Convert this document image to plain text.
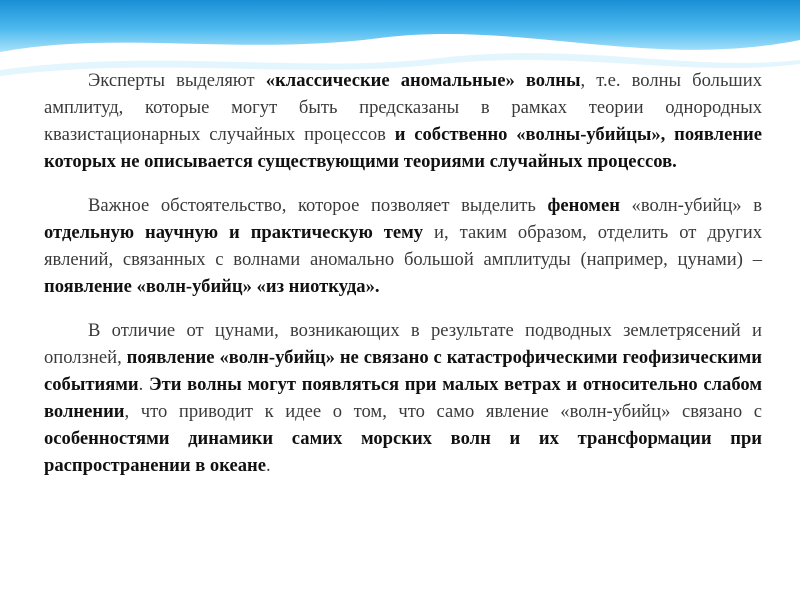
Эксперты выделяют «классические аномальные» волны, т.е. волны больших амплитуд, которые могут быть предсказаны в рамках теории однородных квазистационарных случайных процессов и собственно «волны-убийцы», появление которых не описывается существующими теориями случайных процессов.

Важное обстоятельство, которое позволяет выделить феномен «волн-убийц» в отдельную научную и практическую тему и, таким образом, отделить от других явлений, связанных с волнами аномально большой амплитуды (например, цунами) – появление «волн-убийц» «из ниоткуда».

В отличие от цунами, возникающих в результате подводных землетрясений и оползней, появление «волн-убийц» не связано с катастрофическими геофизическими событиями. Эти волны могут появляться при малых ветрах и относительно слабом волнении, что приводит к идее о том, что само явление «волн-убийц» связано с особенностями динамики самих морских волн и их трансформации при распространении в океане.
